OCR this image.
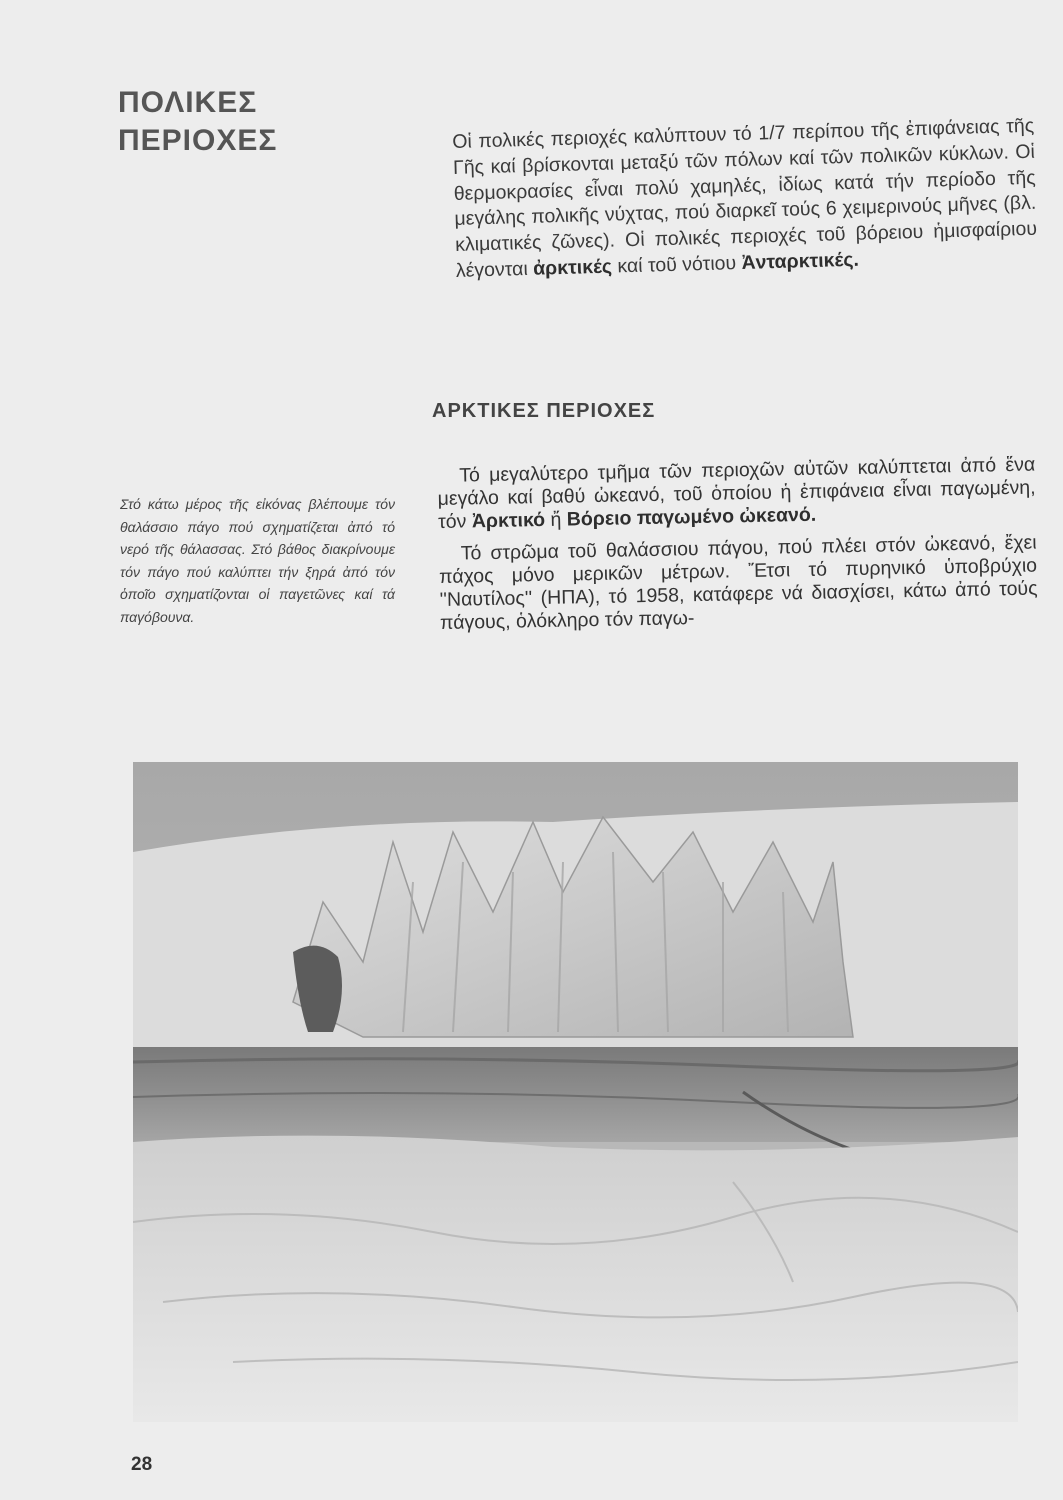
ΠΟΛΙΚΕΣ
ΠΕΡΙΟΧΕΣ	Οἱ πολικές περιοχές καλύπτουν τό 1/7 περίπου τῆς ἐπιφάνειας τῆς Γῆς καί βρίσκονται μεταξύ τῶν πόλων καί τῶν πολικῶν κύκλων. Οἱ θερμοκρασίες εἶναι πολύ χαμηλές, ἰδίως κατά τήν περίοδο τῆς μεγάλης πολικῆς νύχτας, πού διαρκεῖ τούς 6 χειμερινούς μῆνες (βλ. κλιματικές ζῶνες). Οἱ πολικές περιοχές τοῦ βόρειου ἡμισφαίριου λέγονται ἀρκτικές καί τοῦ νότιου Ἀνταρκτικές.

ΑΡΚΤΙΚΕΣ ΠΕΡΙΟΧΕΣ

Στό κάτω μέρος τῆς εἰκόνας βλέπουμε τόν θαλάσσιο πάγο πού σχηματίζεται ἀπό τό νερό τῆς θάλασσας. Στό βάθος διακρίνουμε τόν πάγο πού καλύπτει τήν ξηρά ἀπό τόν ὁποῖο σχηματίζονται οἱ παγετῶνες καί τά παγόβουνα.

Τό μεγαλύτερο τμῆμα τῶν περιοχῶν αὐτῶν καλύπτεται ἀπό ἕνα μεγάλο καί βαθύ ὠκεανό, τοῦ ὁποίου ἡ ἐπιφάνεια εἶναι παγωμένη, τόν Ἀρκτικό ἤ Βόρειο παγωμένο ὠκεανό.

Τό στρῶμα τοῦ θαλάσσιου πάγου, πού πλέει στόν ὠκεανό, ἔχει πάχος μόνο μερικῶν μέτρων. Ἔτσι τό πυρηνικό ὑποβρύχιο ''Ναυτίλος'' (ΗΠΑ), τό 1958, κατάφερε νά διασχίσει, κάτω ἀπό τούς πάγους, ὁλόκληρο τόν παγω-

28
